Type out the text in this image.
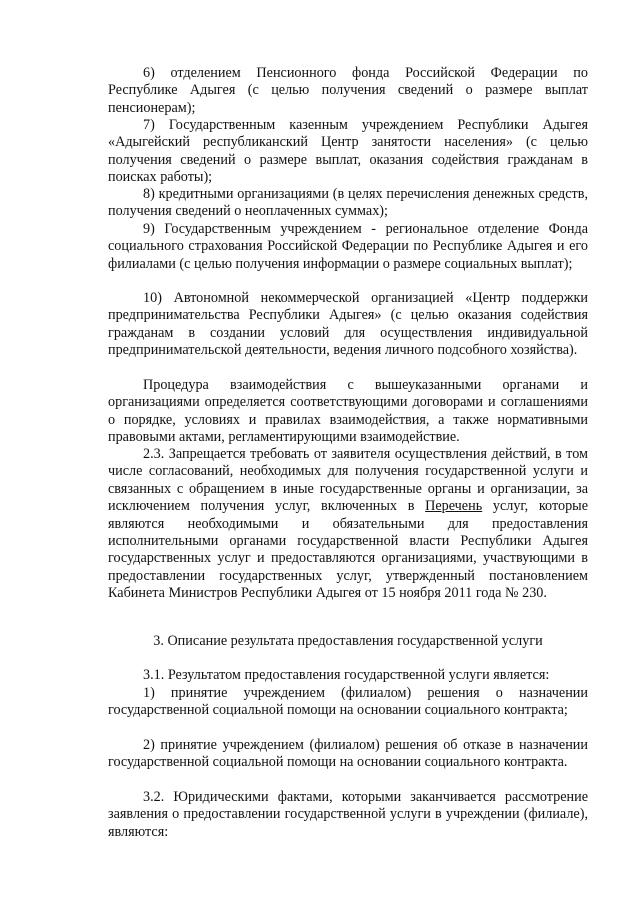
6) отделением Пенсионного фонда Российской Федерации по Республике Адыгея (с целью получения сведений о размере выплат пенсионерам);

7) Государственным казенным учреждением Республики Адыгея «Адыгейский республиканский Центр занятости населения» (с целью получения сведений о размере выплат, оказания содействия гражданам в поисках работы);

8) кредитными организациями (в целях перечисления денежных средств, получения сведений о неоплаченных суммах);

9) Государственным учреждением - региональное отделение Фонда социального страхования Российской Федерации по Республике Адыгея и его филиалами (с целью получения информации о размере социальных выплат);

10) Автономной некоммерческой организацией «Центр поддержки предпринимательства Республики Адыгея» (с целью оказания содействия гражданам в создании условий для осуществления индивидуальной предпринимательской деятельности, ведения личного подсобного хозяйства).

Процедура взаимодействия с вышеуказанными органами и организациями определяется соответствующими договорами и соглашениями о порядке, условиях и правилах взаимодействия, а также нормативными правовыми актами, регламентирующими взаимодействие.

2.3. Запрещается требовать от заявителя осуществления действий, в том числе согласований, необходимых для получения государственной услуги и связанных с обращением в иные государственные органы и организации, за исключением получения услуг, включенных в Перечень услуг, которые являются необходимыми и обязательными для предоставления исполнительными органами государственной власти Республики Адыгея государственных услуг и предоставляются организациями, участвующими в предоставлении государственных услуг, утвержденный постановлением Кабинета Министров Республики Адыгея от 15 ноября 2011 года № 230.

3. Описание результата предоставления государственной услуги

3.1. Результатом предоставления государственной услуги является:

1) принятие учреждением (филиалом) решения о назначении государственной социальной помощи на основании социального контракта;

2) принятие учреждением (филиалом) решения об отказе в назначении государственной социальной помощи на основании социального контракта.

3.2. Юридическими фактами, которыми заканчивается рассмотрение заявления о предоставлении государственной услуги в учреждении (филиале), являются:
